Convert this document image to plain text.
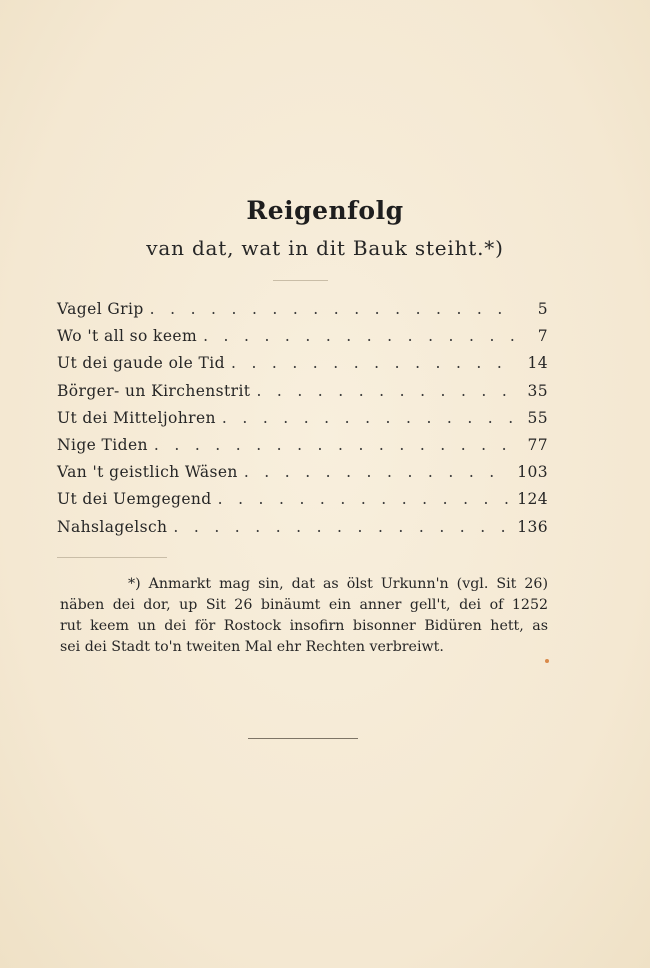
Reigenfolg
van dat, wat in dit Bauk steiht.*)
Vagel Grip . . .	5
Wo 't all so keem . . .	7
Ut dei gaude ole Tid . . .	14
Börger- un Kirchenstrit . . .	35
Ut dei Mitteljohren . . .	55
Nige Tiden . . .	77
Van 't geistlich Wäsen . . .	103
Ut dei Uemgegend . . .	124
Nahslagelsch . . .	136

*) Anmarkt mag sin, dat as ölst Urkunn'n (vgl. Sit 26)
näben dei dor, up Sit 26 binäumt ein anner gell't, dei of 1252
rut keem un dei för Rostock insofirn bisonner Bidüren hett, as
sei dei Stadt to'n tweiten Mal ehr Rechten verbreiwt.
